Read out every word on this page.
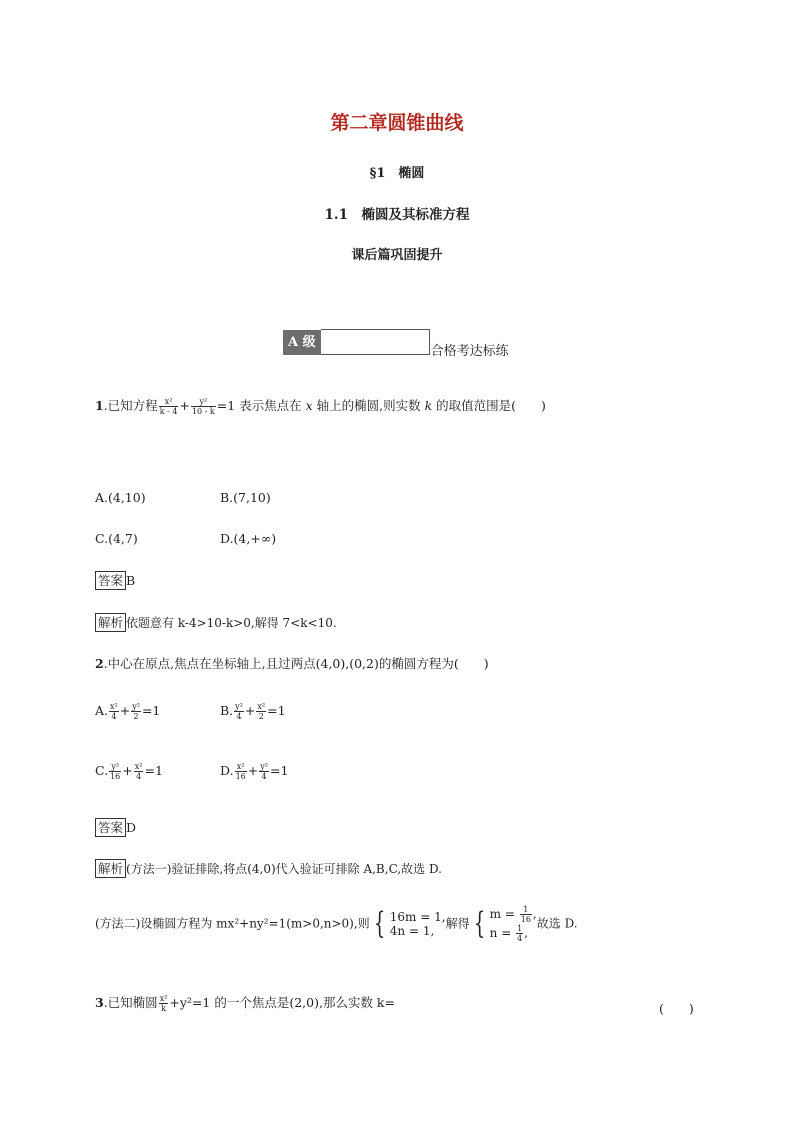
第二章圆锥曲线
§1　椭圆
1.1　椭圆及其标准方程
课后篇巩固提升
A 级
合格考达标练
1.已知方程 $\frac{\text{x²}}{k - 4} + \frac{\text{y²}}{10 - k} =1$ 表示焦点在 x 轴上的椭圆,则实数 k 的取值范围是(　　)
A.(4,10)	B.(7,10)
C.(4,7)	D.(4,+∞)
答案 B
解析 依题意有 k-4>10-k>0,解得 7<k<10.
2.中心在原点,焦点在坐标轴上,且过两点(4,0),(0,2)的椭圆方程为(　　)
A. $\frac{\text{x²}}{4} + \frac{\text{y²}}{2} =1$	B. $\frac{\text{y²}}{4} + \frac{\text{x²}}{2} =1$
C. $\frac{\text{y²}}{16} + \frac{\text{x²}}{4} =1$	D. $\frac{\text{x²}}{16} + \frac{\text{y²}}{4} =1$
答案 D
解析 (方法一)验证排除,将点(4,0)代入验证可排除 A,B,C,故选 D.
(方法二)设椭圆方程为 mx²+ny²=1(m>0,n>0),则 { 16m = 1,
4n = 1,
解得 { $m = \frac{1}{16}$ ,
$n = \frac{1}{4}$ ,
故选 D.
3.已知椭圆 $\frac{\text{x²}}{k} +y^2=1$ 的一个焦点是(2,0),那么实数 k=	(　　)
